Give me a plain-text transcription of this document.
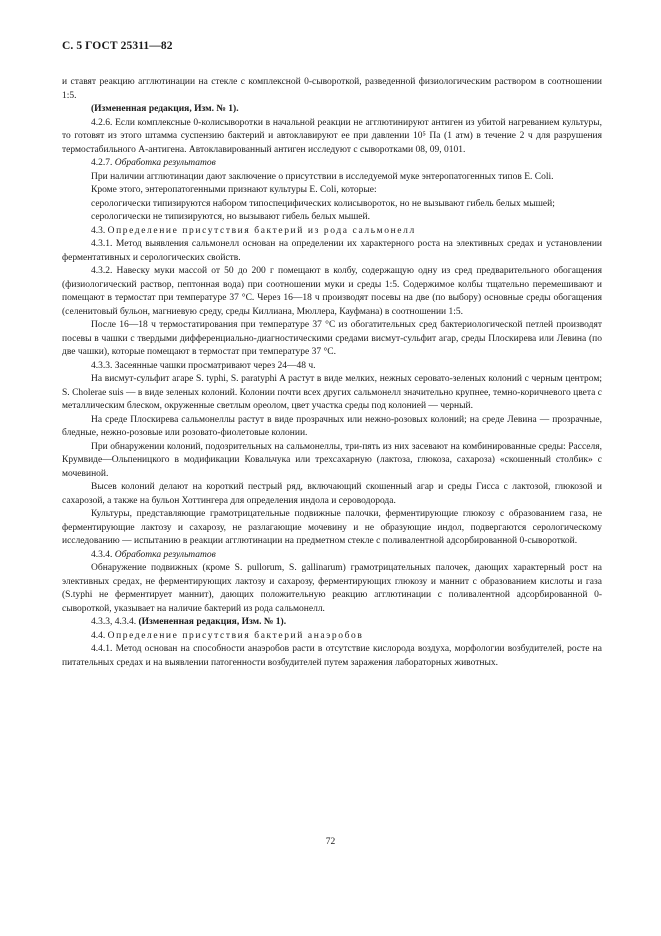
С. 5 ГОСТ 25311—82

и ставят реакцию агглютинации на стекле с комплексной 0-сывороткой, разведенной физиологическим раствором в соотношении 1:5.

(Измененная редакция, Изм. № 1).

4.2.6. Если комплексные 0-колисыворотки в начальной реакции не агглютинируют антиген из убитой нагреванием культуры, то готовят из этого штамма суспензию бактерий и автоклавируют ее при давлении 10⁵ Па (1 атм) в течение 2 ч для разрушения термостабильного А-антигена. Автоклавированный антиген исследуют с сыворотками 08, 09, 0101.

4.2.7. Обработка результатов

При наличии агглютинации дают заключение о присутствии в исследуемой муке энтеропатогенных типов E. Coli.

Кроме этого, энтеропатогенными признают культуры E. Coli, которые:

серологически типизируются набором типоспецифических колисывороток, но не вызывают гибель белых мышей;

серологически не типизируются, но вызывают гибель белых мышей.

4.3. Определение присутствия бактерий из рода сальмонелл

4.3.1. Метод выявления сальмонелл основан на определении их характерного роста на элективных средах и установлении ферментативных и серологических свойств.

4.3.2. Навеску муки массой от 50 до 200 г помещают в колбу, содержащую одну из сред предварительного обогащения (физиологический раствор, пептонная вода) при соотношении муки и среды 1:5. Содержимое колбы тщательно перемешивают и помещают в термостат при температуре 37 °С. Через 16—18 ч производят посевы на две (по выбору) основные среды обогащения (селенитовый бульон, магниевую среду, среды Киллиана, Мюллера, Кауфмана) в соотношении 1:5.

После 16—18 ч термостатирования при температуре 37 °С из обогатительных сред бактериологической петлей производят посевы в чашки с твердыми дифференциально-диагностическими средами висмут-сульфит агар, среды Плоскирева или Левина (по две чашки), которые помещают в термостат при температуре 37 °С.

4.3.3. Засеянные чашки просматривают через 24—48 ч.

На висмут-сульфит агаре S. typhi, S. paratyphi A растут в виде мелких, нежных серовато-зеленых колоний с черным центром; S. Cholerae suis — в виде зеленых колоний. Колонии почти всех других сальмонелл значительно крупнее, темно-коричневого цвета с металлическим блеском, окруженные светлым ореолом, цвет участка среды под колонией — черный.

На среде Плоскирева сальмонеллы растут в виде прозрачных или нежно-розовых колоний; на среде Левина — прозрачные, бледные, нежно-розовые или розовато-фиолетовые колонии.

При обнаружении колоний, подозрительных на сальмонеллы, три-пять из них засевают на комбинированные среды: Расселя, Крумвиде—Ольпеницкого в модификации Ковальчука или трехсахарную (лактоза, глюкоза, сахароза) «скошенный столбик» с мочевиной.

Высев колоний делают на короткий пестрый ряд, включающий скошенный агар и среды Гисса с лактозой, глюкозой и сахарозой, а также на бульон Хоттингера для определения индола и сероводорода.

Культуры, представляющие грамотрицательные подвижные палочки, ферментирующие глюкозу с образованием газа, не ферментирующие лактозу и сахарозу, не разлагающие мочевину и не образующие индол, подвергаются серологическому исследованию — испытанию в реакции агглютинации на предметном стекле с поливалентной адсорбированной 0-сывороткой.

4.3.4. Обработка результатов

Обнаружение подвижных (кроме S. pullorum, S. gallinarum) грамотрицательных палочек, дающих характерный рост на элективных средах, не ферментирующих лактозу и сахарозу, ферментирующих глюкозу и маннит с образованием кислоты и газа (S.typhi не ферментирует маннит), дающих положительную реакцию агглютинации с поливалентной адсорбированной 0-сывороткой, указывает на наличие бактерий из рода сальмонелл.

4.3.3, 4.3.4. (Измененная редакция, Изм. № 1).

4.4. Определение присутствия бактерий анаэробов

4.4.1. Метод основан на способности анаэробов расти в отсутствие кислорода воздуха, морфологии возбудителей, росте на питательных средах и на выявлении патогенности возбудителей путем заражения лабораторных животных.

72
